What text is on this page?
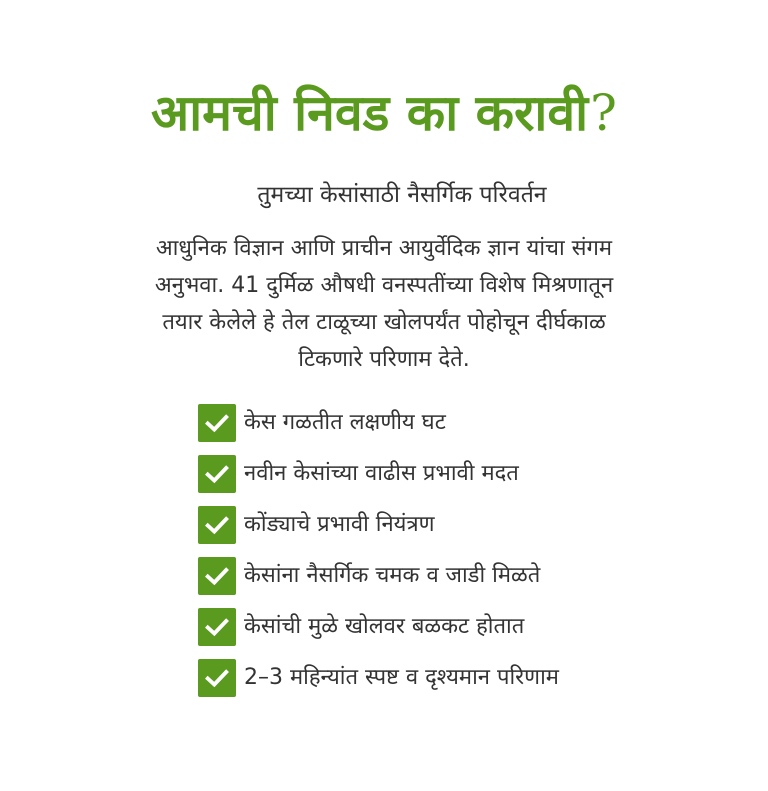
आमची निवड का करावी?
तुमच्या केसांसाठी नैसर्गिक परिवर्तन
आधुनिक विज्ञान आणि प्राचीन आयुर्वेदिक ज्ञान यांचा संगम
अनुभवा. 41 दुर्मिळ औषधी वनस्पतींच्या विशेष मिश्रणातून
तयार केलेले हे तेल टाळूच्या खोलपर्यंत पोहोचून दीर्घकाळ
टिकणारे परिणाम देते.
केस गळतीत लक्षणीय घट
नवीन केसांच्या वाढीस प्रभावी मदत
कोंड्याचे प्रभावी नियंत्रण
केसांना नैसर्गिक चमक व जाडी मिळते
केसांची मुळे खोलवर बळकट होतात
2–3 महिन्यांत स्पष्ट व दृश्यमान परिणाम
